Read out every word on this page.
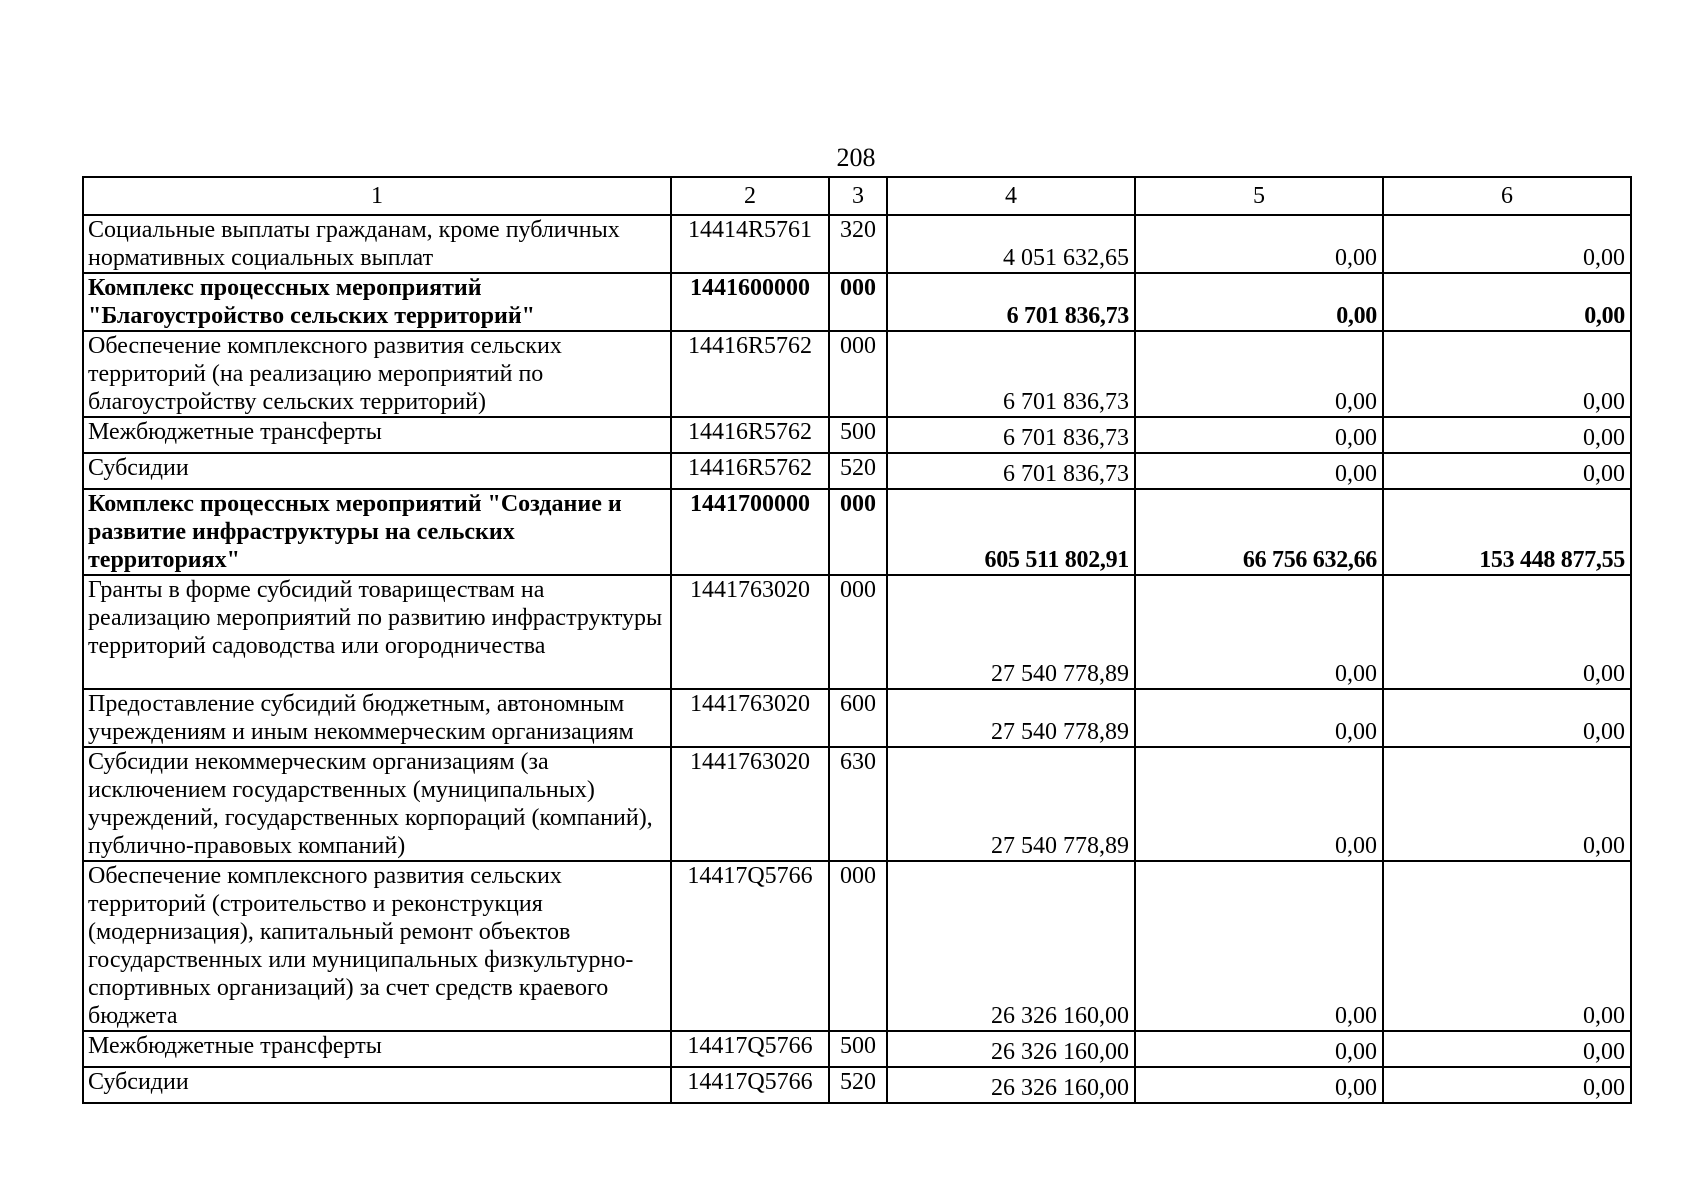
208
1	2	3	4	5	6
Социальные выплаты гражданам, кроме публичных нормативных социальных выплат	14414R5761	320	4 051 632,65	0,00	0,00
Комплекс процессных мероприятий "Благоустройство сельских территорий"	1441600000	000	6 701 836,73	0,00	0,00
Обеспечение комплексного развития сельских территорий (на реализацию мероприятий по благоустройству сельских территорий)	14416R5762	000	6 701 836,73	0,00	0,00
Межбюджетные трансферты	14416R5762	500	6 701 836,73	0,00	0,00
Субсидии	14416R5762	520	6 701 836,73	0,00	0,00
Комплекс процессных мероприятий "Создание и развитие инфраструктуры на сельских территориях"	1441700000	000	605 511 802,91	66 756 632,66	153 448 877,55
Гранты в форме субсидий товариществам на реализацию мероприятий по развитию инфраструктуры территорий садоводства или огородничества	1441763020	000	27 540 778,89	0,00	0,00
Предоставление субсидий бюджетным, автономным учреждениям и иным некоммерческим организациям	1441763020	600	27 540 778,89	0,00	0,00
Субсидии некоммерческим организациям (за исключением государственных (муниципальных) учреждений, государственных корпораций (компаний), публично-правовых компаний)	1441763020	630	27 540 778,89	0,00	0,00
Обеспечение комплексного развития сельских территорий (строительство и реконструкция (модернизация), капитальный ремонт объектов государственных или муниципальных физкультурно-спортивных организаций) за счет средств краевого бюджета	14417Q5766	000	26 326 160,00	0,00	0,00
Межбюджетные трансферты	14417Q5766	500	26 326 160,00	0,00	0,00
Субсидии	14417Q5766	520	26 326 160,00	0,00	0,00
